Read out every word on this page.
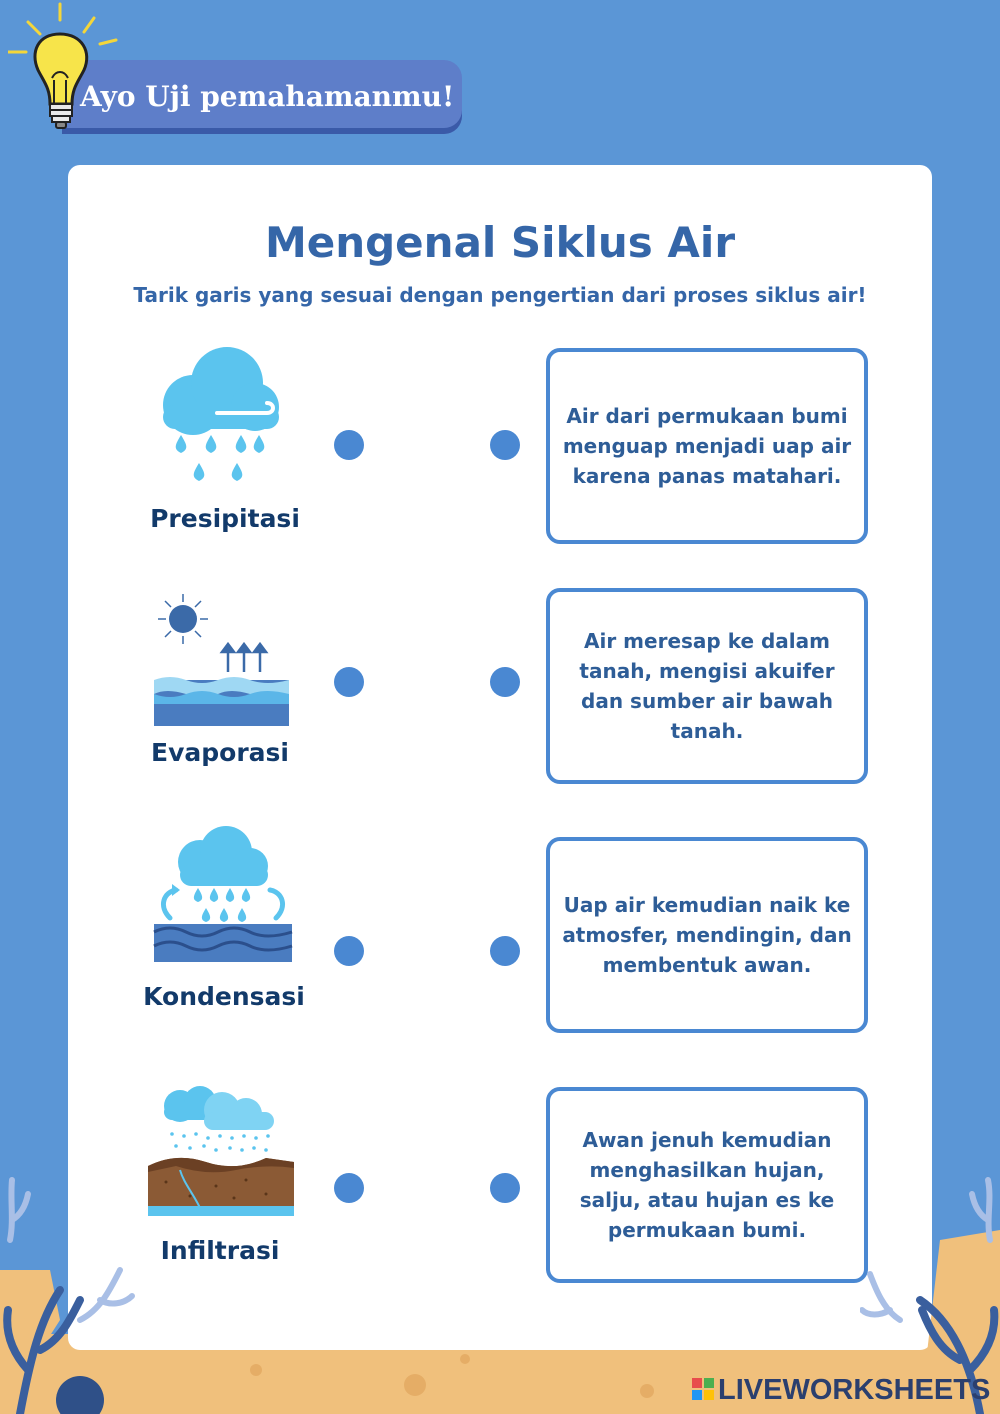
Ayo Uji pemahamanmu!
Mengenal Siklus Air
Tarik garis yang sesuai dengan pengertian dari proses siklus air!
Presipitasi
Air dari permukaan bumi menguap menjadi uap air karena panas matahari.
Evaporasi
Air meresap ke dalam tanah, mengisi akuifer dan sumber air bawah tanah.
Kondensasi
Uap air kemudian naik ke atmosfer, mendingin, dan membentuk awan.
Infiltrasi
Awan jenuh kemudian menghasilkan hujan, salju, atau hujan es ke permukaan bumi.
LIVEWORKSHEETS
